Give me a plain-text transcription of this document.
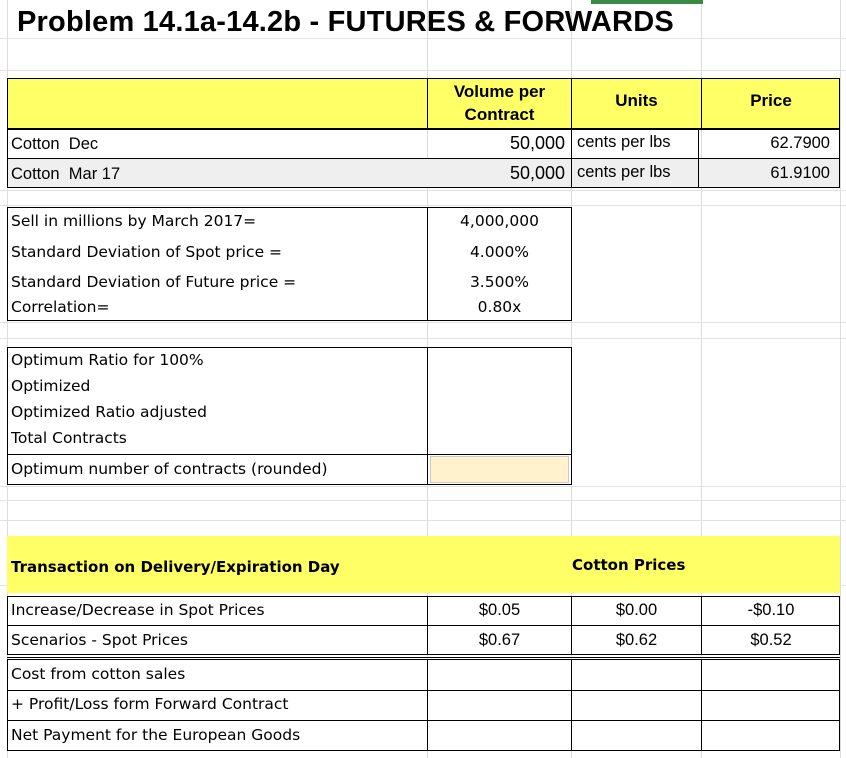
Problem 14.1a-14.2b - FUTURES & FORWARDS
Volume per
Contract
Units	Price
Cotton  Dec	50,000 cents per lbs	62.7900
Cotton  Mar 17	50,000 cents per lbs	61.9100
Sell in millions by March 2017=	4,000,000
Standard Deviation of Spot price =	4.000%
Standard Deviation of Future price =	3.500%
Correlation=	0.80x
Optimum Ratio for 100%
Optimized
Optimized Ratio adjusted
Total Contracts
Optimum number of contracts (rounded)
Transaction on Delivery/Expiration Day	Cotton Prices
Increase/Decrease in Spot Prices	$0.05	$0.00	-$0.10
Scenarios - Spot Prices	$0.67	$0.62	$0.52
Cost from cotton sales
+ Profit/Loss form Forward Contract
Net Payment for the European Goods
